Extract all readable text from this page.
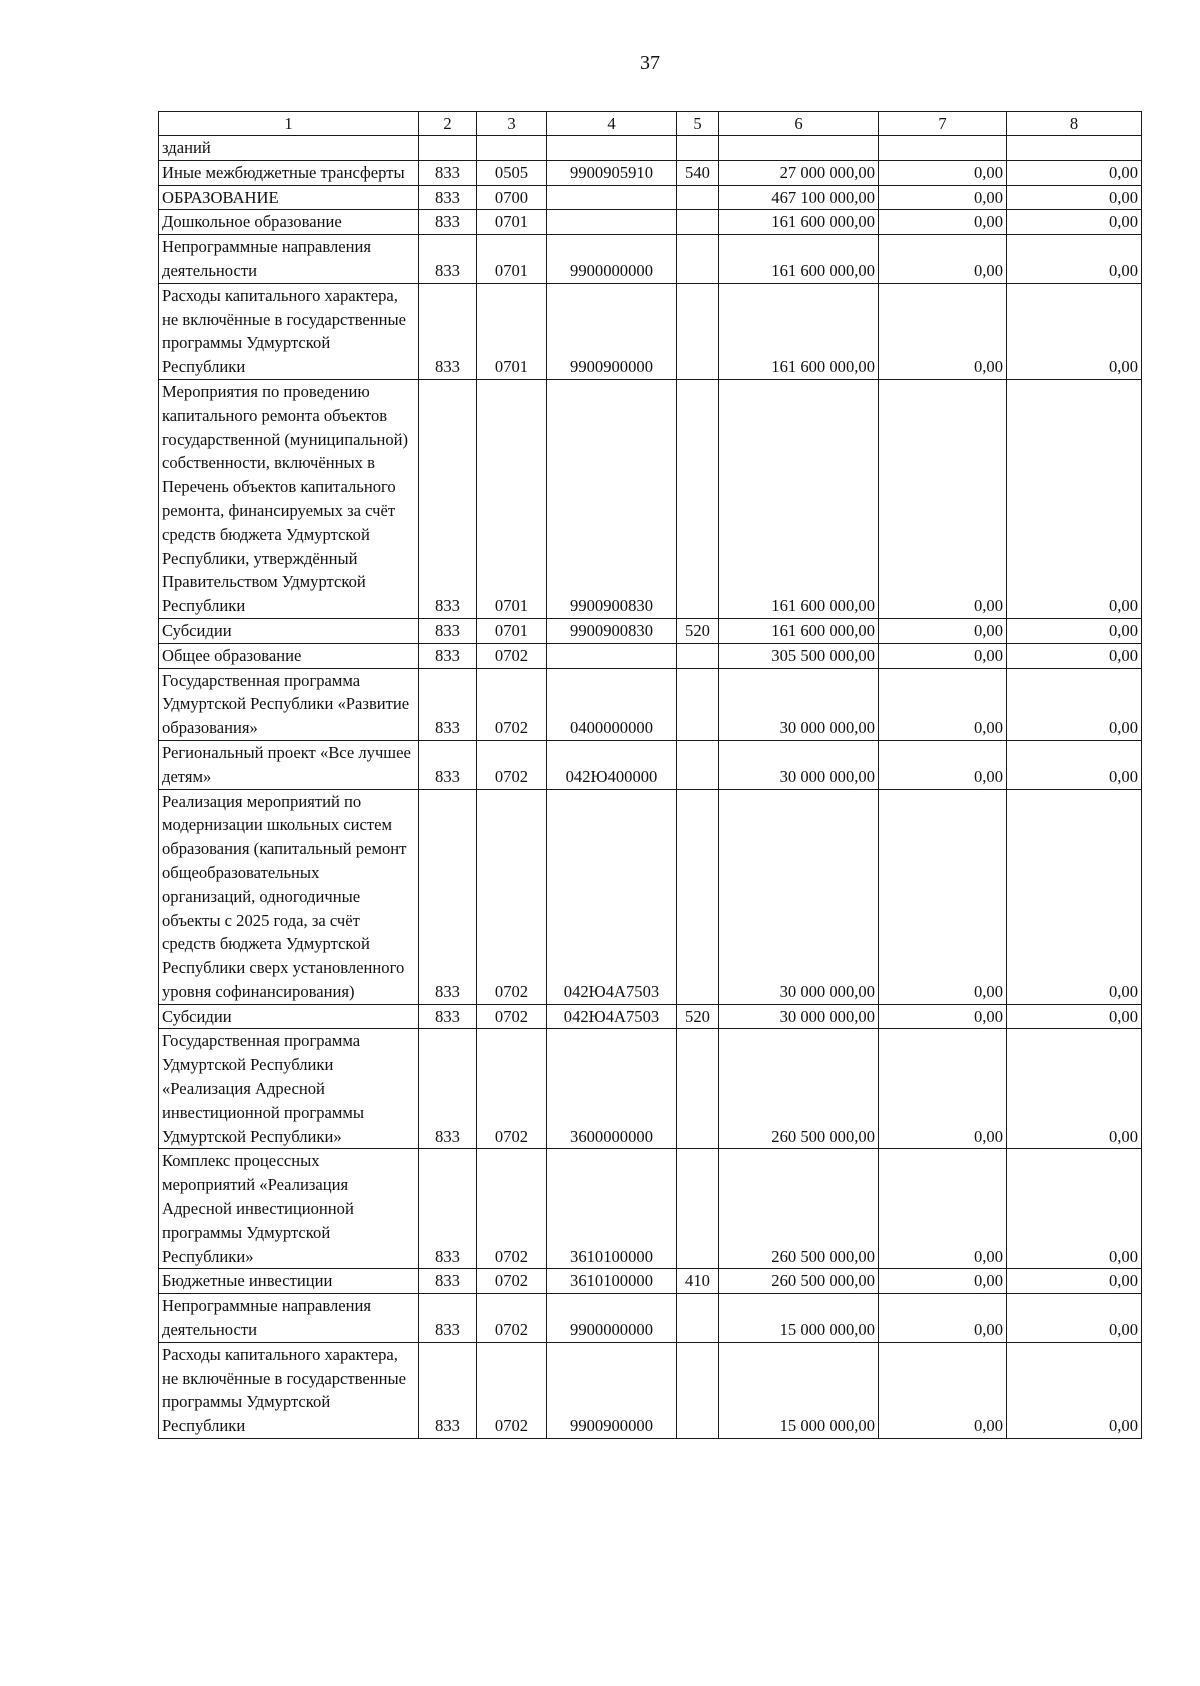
37
1	2	3	4	5	6	7	8
зданий							
Иные межбюджетные трансферты	833	0505	9900905910	540	27 000 000,00	0,00	0,00
ОБРАЗОВАНИЕ	833	0700			467 100 000,00	0,00	0,00
Дошкольное образование	833	0701			161 600 000,00	0,00	0,00
Непрограммные направления деятельности	833	0701	9900000000		161 600 000,00	0,00	0,00
Расходы капитального характера, не включённые в государственные программы Удмуртской Республики	833	0701	9900900000		161 600 000,00	0,00	0,00
Мероприятия по проведению капитального ремонта объектов государственной (муниципальной) собственности, включённых в Перечень объектов капитального ремонта, финансируемых за счёт средств бюджета Удмуртской Республики, утверждённый Правительством Удмуртской Республики	833	0701	9900900830		161 600 000,00	0,00	0,00
Субсидии	833	0701	9900900830	520	161 600 000,00	0,00	0,00
Общее образование	833	0702			305 500 000,00	0,00	0,00
Государственная программа Удмуртской Республики «Развитие образования»	833	0702	0400000000		30 000 000,00	0,00	0,00
Региональный проект «Все лучшее детям»	833	0702	042Ю400000		30 000 000,00	0,00	0,00
Реализация мероприятий по модернизации школьных систем образования (капитальный ремонт общеобразовательных организаций, одногодичные объекты с 2025 года, за счёт средств бюджета Удмуртской Республики сверх установленного уровня софинансирования)	833	0702	042Ю4А7503		30 000 000,00	0,00	0,00
Субсидии	833	0702	042Ю4А7503	520	30 000 000,00	0,00	0,00
Государственная программа Удмуртской Республики «Реализация Адресной инвестиционной программы Удмуртской Республики»	833	0702	3600000000		260 500 000,00	0,00	0,00
Комплекс процессных мероприятий «Реализация Адресной инвестиционной программы Удмуртской Республики»	833	0702	3610100000		260 500 000,00	0,00	0,00
Бюджетные инвестиции	833	0702	3610100000	410	260 500 000,00	0,00	0,00
Непрограммные направления деятельности	833	0702	9900000000		15 000 000,00	0,00	0,00
Расходы капитального характера, не включённые в государственные программы Удмуртской Республики	833	0702	9900900000		15 000 000,00	0,00	0,00
